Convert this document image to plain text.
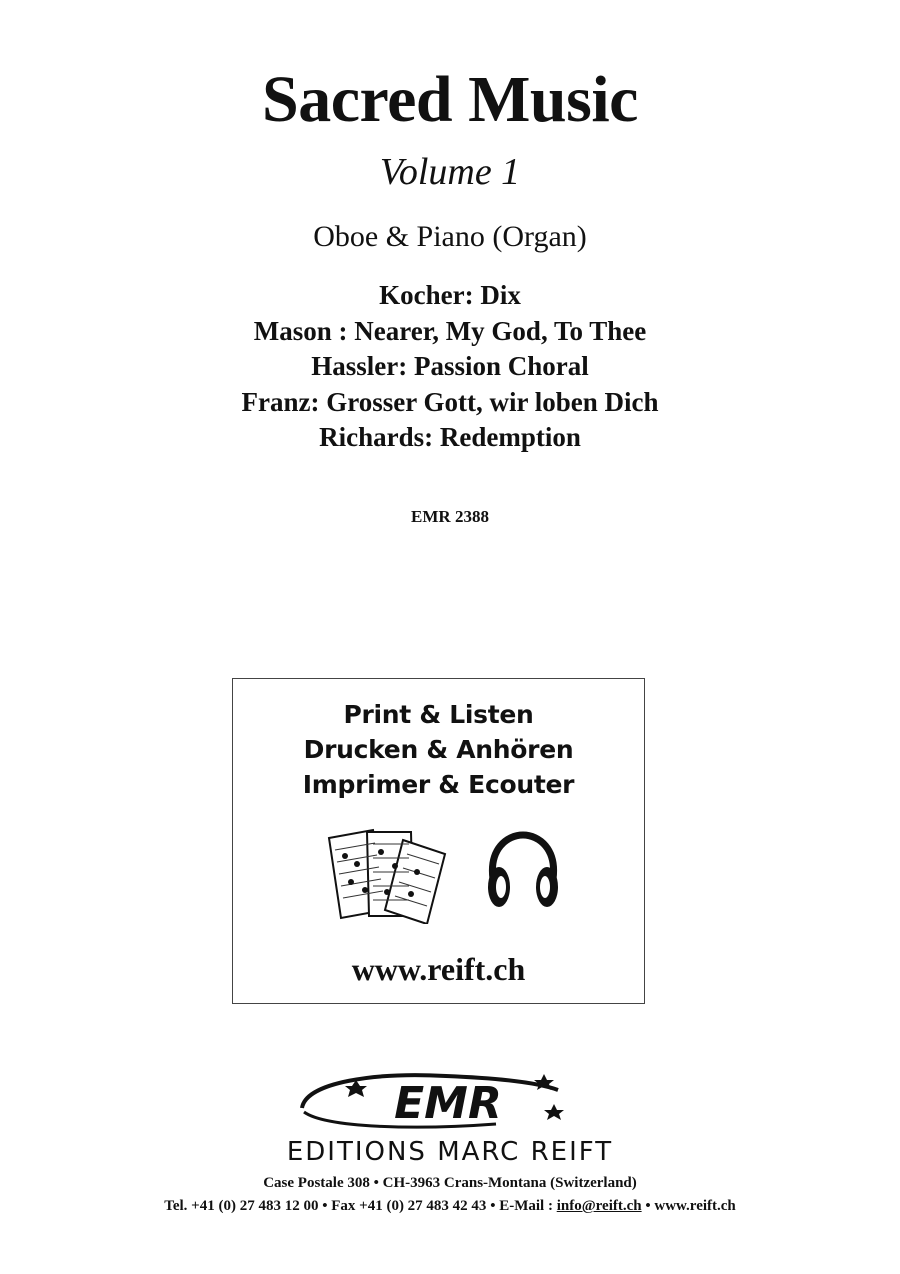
Sacred Music
Volume 1
Oboe & Piano (Organ)
Kocher: Dix
Mason : Nearer, My God, To Thee
Hassler: Passion Choral
Franz: Grosser Gott, wir loben Dich
Richards: Redemption
EMR 2388
Print & Listen
Drucken & Anhören
Imprimer & Ecouter
www.reift.ch
EMR
EDITIONS MARC REIFT
Case Postale 308 • CH-3963 Crans-Montana (Switzerland)
Tel. +41 (0) 27 483 12 00 • Fax +41 (0) 27 483 42 43 • E-Mail : info@reift.ch • www.reift.ch
